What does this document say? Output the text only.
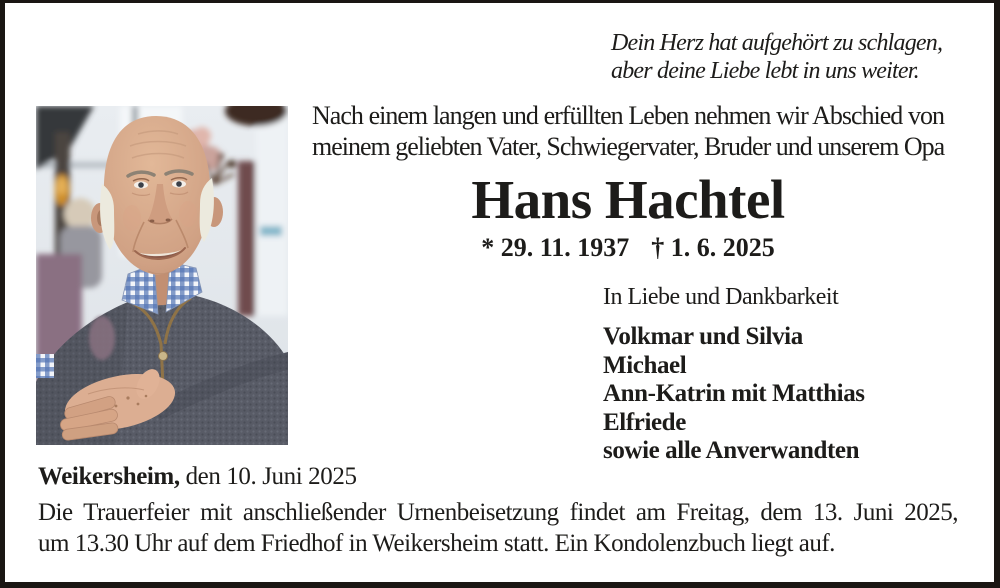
Dein Herz hat aufgehört zu schlagen,
aber deine Liebe lebt in uns weiter.
Nach einem langen und erfüllten Leben nehmen wir Abschied von
meinem geliebten Vater, Schwiegervater, Bruder und unserem Opa
Hans Hachtel
* 29. 11. 1937 † 1. 6. 2025
In Liebe und Dankbarkeit
Volkmar und Silvia
Michael
Ann-Katrin mit Matthias
Elfriede
sowie alle Anverwandten
Weikersheim, den 10. Juni 2025
Die Trauerfeier mit anschließender Urnenbeisetzung findet am Freitag, dem 13. Juni 2025,
um 13.30 Uhr auf dem Friedhof in Weikersheim statt. Ein Kondolenzbuch liegt auf.
